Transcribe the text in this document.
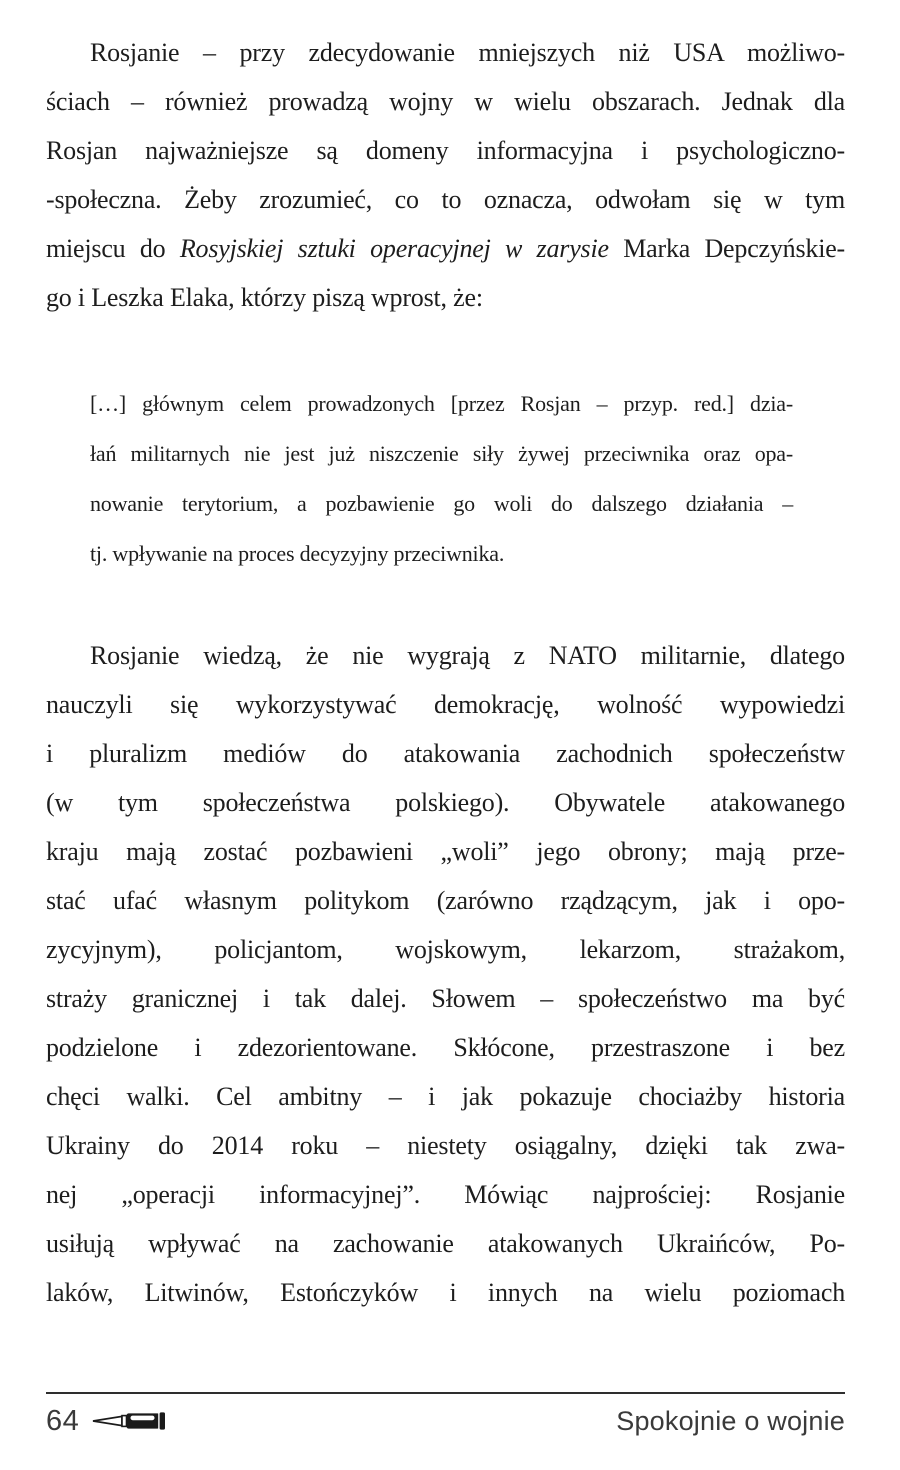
Rosjanie – przy zdecydowanie mniejszych niż USA możliwo-
ściach – również prowadzą wojny w wielu obszarach. Jednak dla
Rosjan najważniejsze są domeny informacyjna i psychologiczno-
-społeczna. Żeby zrozumieć, co to oznacza, odwołam się w tym
miejscu do Rosyjskiej sztuki operacyjnej w zarysie Marka Depczyńskie-
go i Leszka Elaka, którzy piszą wprost, że:
[…] głównym celem prowadzonych [przez Rosjan – przyp. red.] dzia-
łań militarnych nie jest już niszczenie siły żywej przeciwnika oraz opa-
nowanie terytorium, a pozbawienie go woli do dalszego działania –
tj. wpływanie na proces decyzyjny przeciwnika.
Rosjanie wiedzą, że nie wygrają z NATO militarnie, dlatego
nauczyli się wykorzystywać demokrację, wolność wypowiedzi
i pluralizm mediów do atakowania zachodnich społeczeństw
(w tym społeczeństwa polskiego). Obywatele atakowanego
kraju mają zostać pozbawieni „woli” jego obrony; mają prze-
stać ufać własnym politykom (zarówno rządzącym, jak i opo-
zycyjnym), policjantom, wojskowym, lekarzom, strażakom,
straży granicznej i tak dalej. Słowem – społeczeństwo ma być
podzielone i zdezorientowane. Skłócone, przestraszone i bez
chęci walki. Cel ambitny – i jak pokazuje chociażby historia
Ukrainy do 2014 roku – niestety osiągalny, dzięki tak zwa-
nej „operacji informacyjnej”. Mówiąc najprościej: Rosjanie
usiłują wpływać na zachowanie atakowanych Ukraińców, Po-
laków, Litwinów, Estończyków i innych na wielu poziomach
64	Spokojnie o wojnie
